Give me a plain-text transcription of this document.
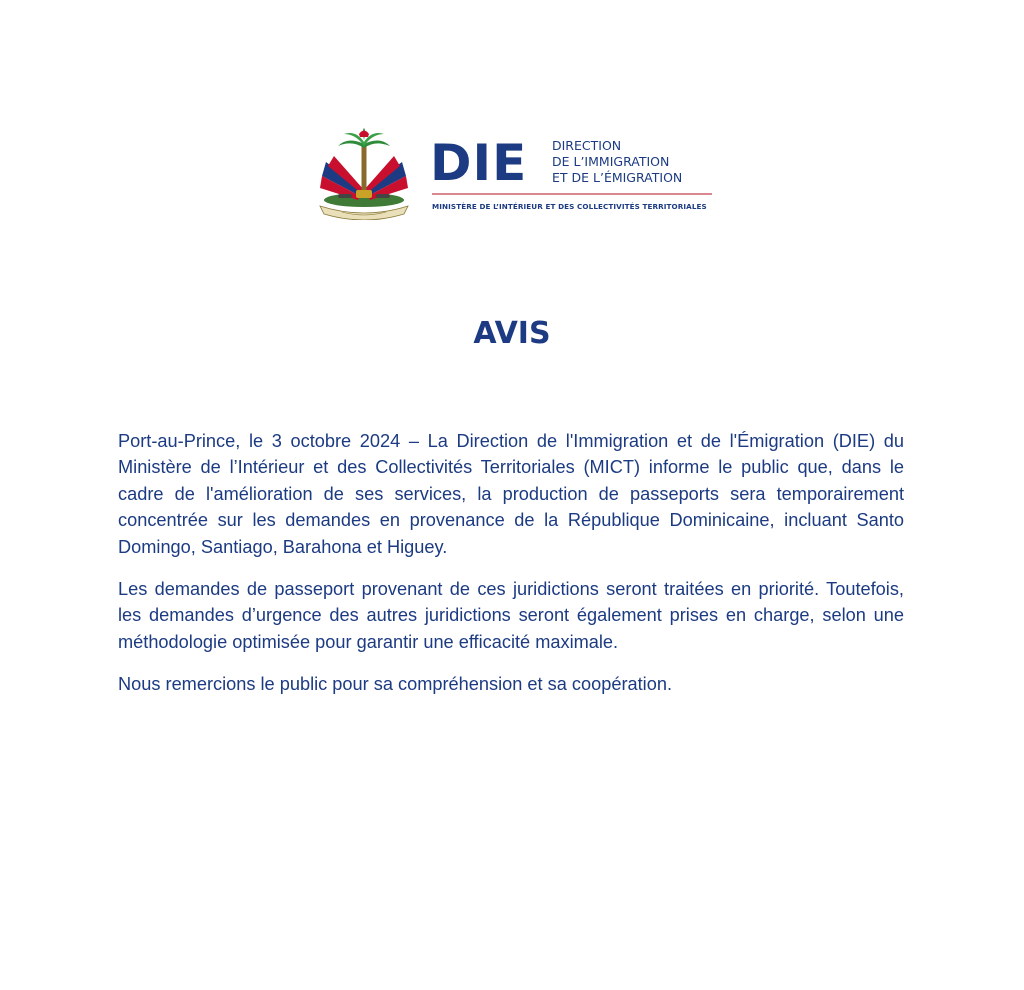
DIE DIRECTION
DE L’IMMIGRATION
ET DE L’ÉMIGRATION
MINISTÈRE DE L’INTÉRIEUR ET DES COLLECTIVITÉS TERRITORIALES
AVIS

Port-au-Prince, le 3 octobre 2024 – La Direction de l'Immigration et de l'Émigration (DIE) du Ministère de l’Intérieur et des Collectivités Territoriales (MICT) informe le public que, dans le cadre de l'amélioration de ses services, la production de passeports sera temporairement concentrée sur les demandes en provenance de la République Dominicaine, incluant Santo Domingo, Santiago, Barahona et Higuey.

Les demandes de passeport provenant de ces juridictions seront traitées en priorité. Toutefois, les demandes d’urgence des autres juridictions seront également prises en charge, selon une méthodologie optimisée pour garantir une efficacité maximale.

Nous remercions le public pour sa compréhension et sa coopération.
